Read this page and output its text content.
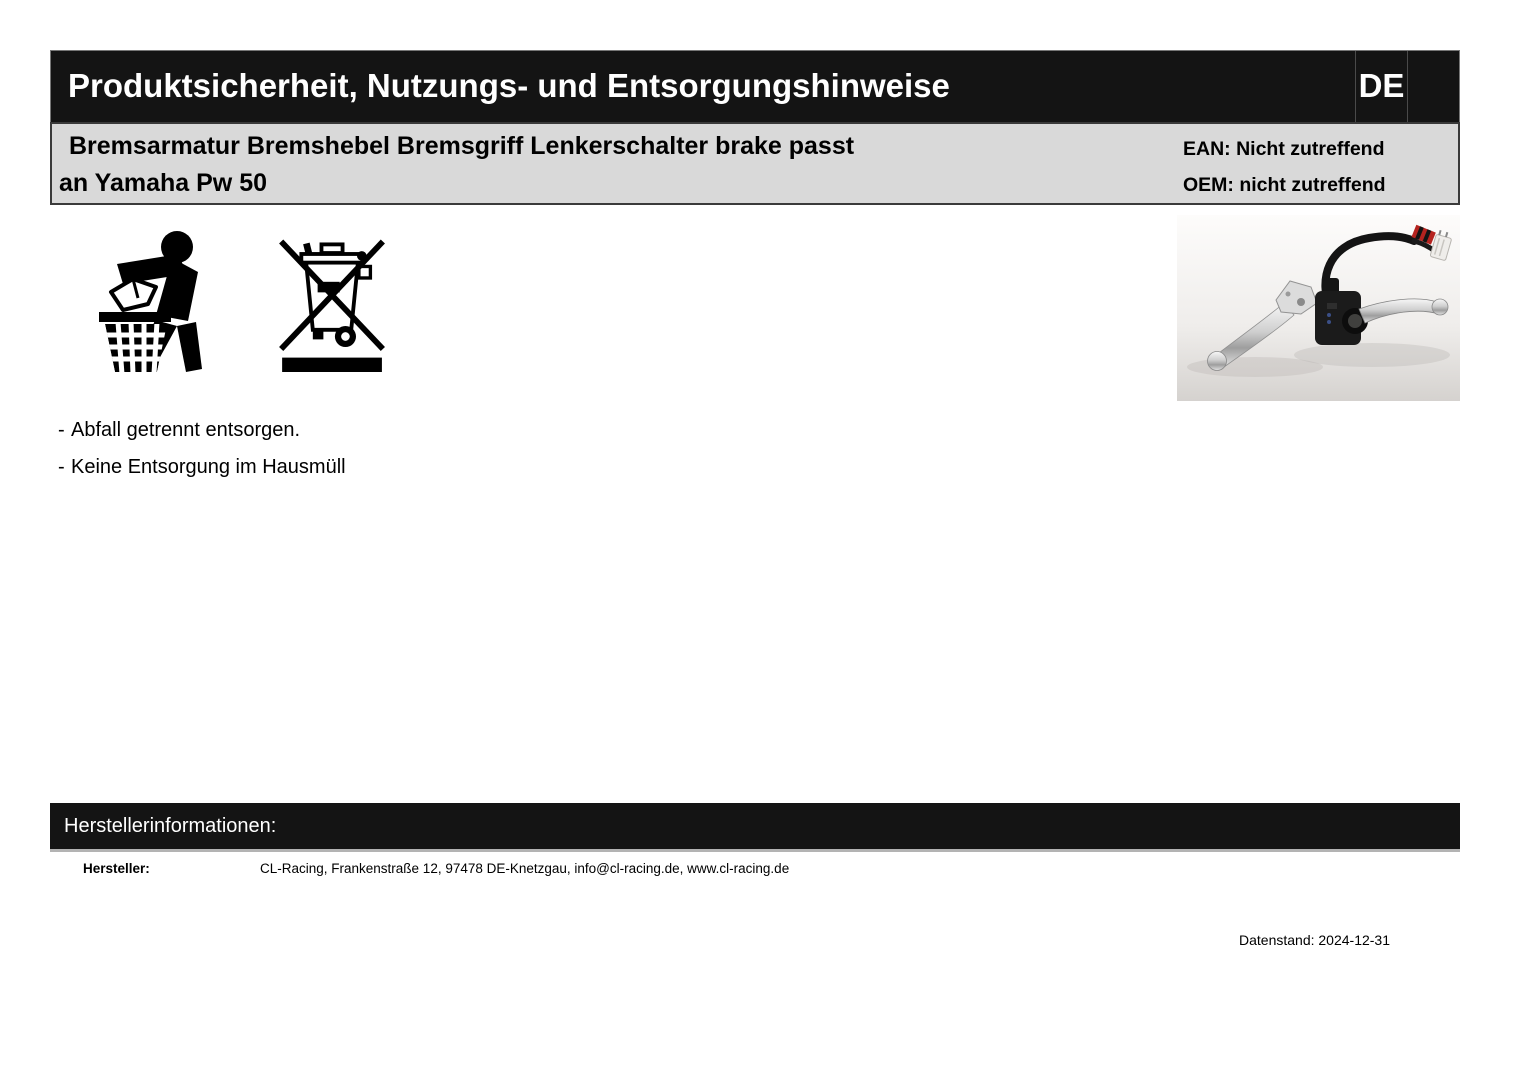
Produktsicherheit, Nutzungs- und Entsorgungshinweise	DE
Bremsarmatur Bremshebel Bremsgriff Lenkerschalter brake passt
an Yamaha Pw 50
EAN: Nicht zutreffend
OEM: nicht zutreffend
- Abfall getrennt entsorgen.
- Keine Entsorgung im Hausmüll
Herstellerinformationen:
Hersteller:	CL-Racing, Frankenstraße 12, 97478 DE-Knetzgau, info@cl-racing.de, www.cl-racing.de
Datenstand: 2024-12-31
